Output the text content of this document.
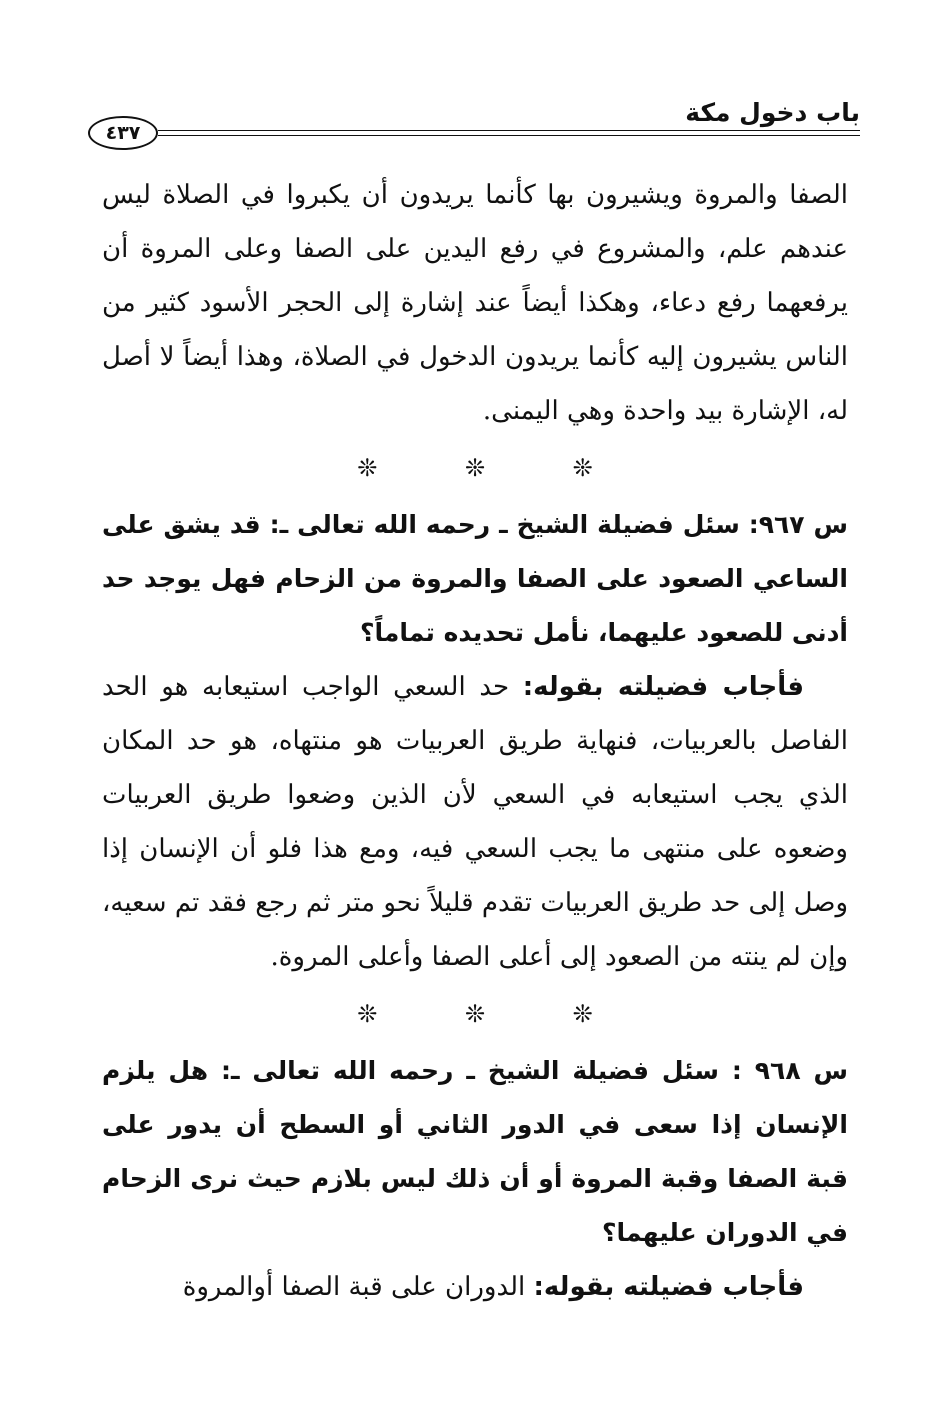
باب دخول مكة
٤٣٧

الصفا والمروة ويشيرون بها كأنما يريدون أن يكبروا في الصلاة ليس عندهم علم، والمشروع في رفع اليدين على الصفا وعلى المروة أن يرفعهما رفع دعاء، وهكذا أيضاً عند إشارة إلى الحجر الأسود كثير من الناس يشيرون إليه كأنما يريدون الدخول في الصلاة، وهذا أيضاً لا أصل له، الإشارة بيد واحدة وهي اليمنى.

❊ ❊ ❊

س ٩٦٧: سئل فضيلة الشيخ ـ رحمه الله تعالى ـ: قد يشق على الساعي الصعود على الصفا والمروة من الزحام فهل يوجد حد أدنى للصعود عليهما، نأمل تحديده تماماً؟

فأجاب فضيلته بقوله: حد السعي الواجب استيعابه هو الحد الفاصل بالعربيات، فنهاية طريق العربيات هو منتهاه، هو حد المكان الذي يجب استيعابه في السعي لأن الذين وضعوا طريق العربيات وضعوه على منتهى ما يجب السعي فيه، ومع هذا فلو أن الإنسان إذا وصل إلى حد طريق العربيات تقدم قليلاً نحو متر ثم رجع فقد تم سعيه، وإن لم ينته من الصعود إلى أعلى الصفا وأعلى المروة.

❊ ❊ ❊

س ٩٦٨ : سئل فضيلة الشيخ ـ رحمه الله تعالى ـ: هل يلزم الإنسان إذا سعى في الدور الثاني أو السطح أن يدور على قبة الصفا وقبة المروة أو أن ذلك ليس بلازم حيث نرى الزحام في الدوران عليهما؟

فأجاب فضيلته بقوله: الدوران على قبة الصفا أوالمروة
